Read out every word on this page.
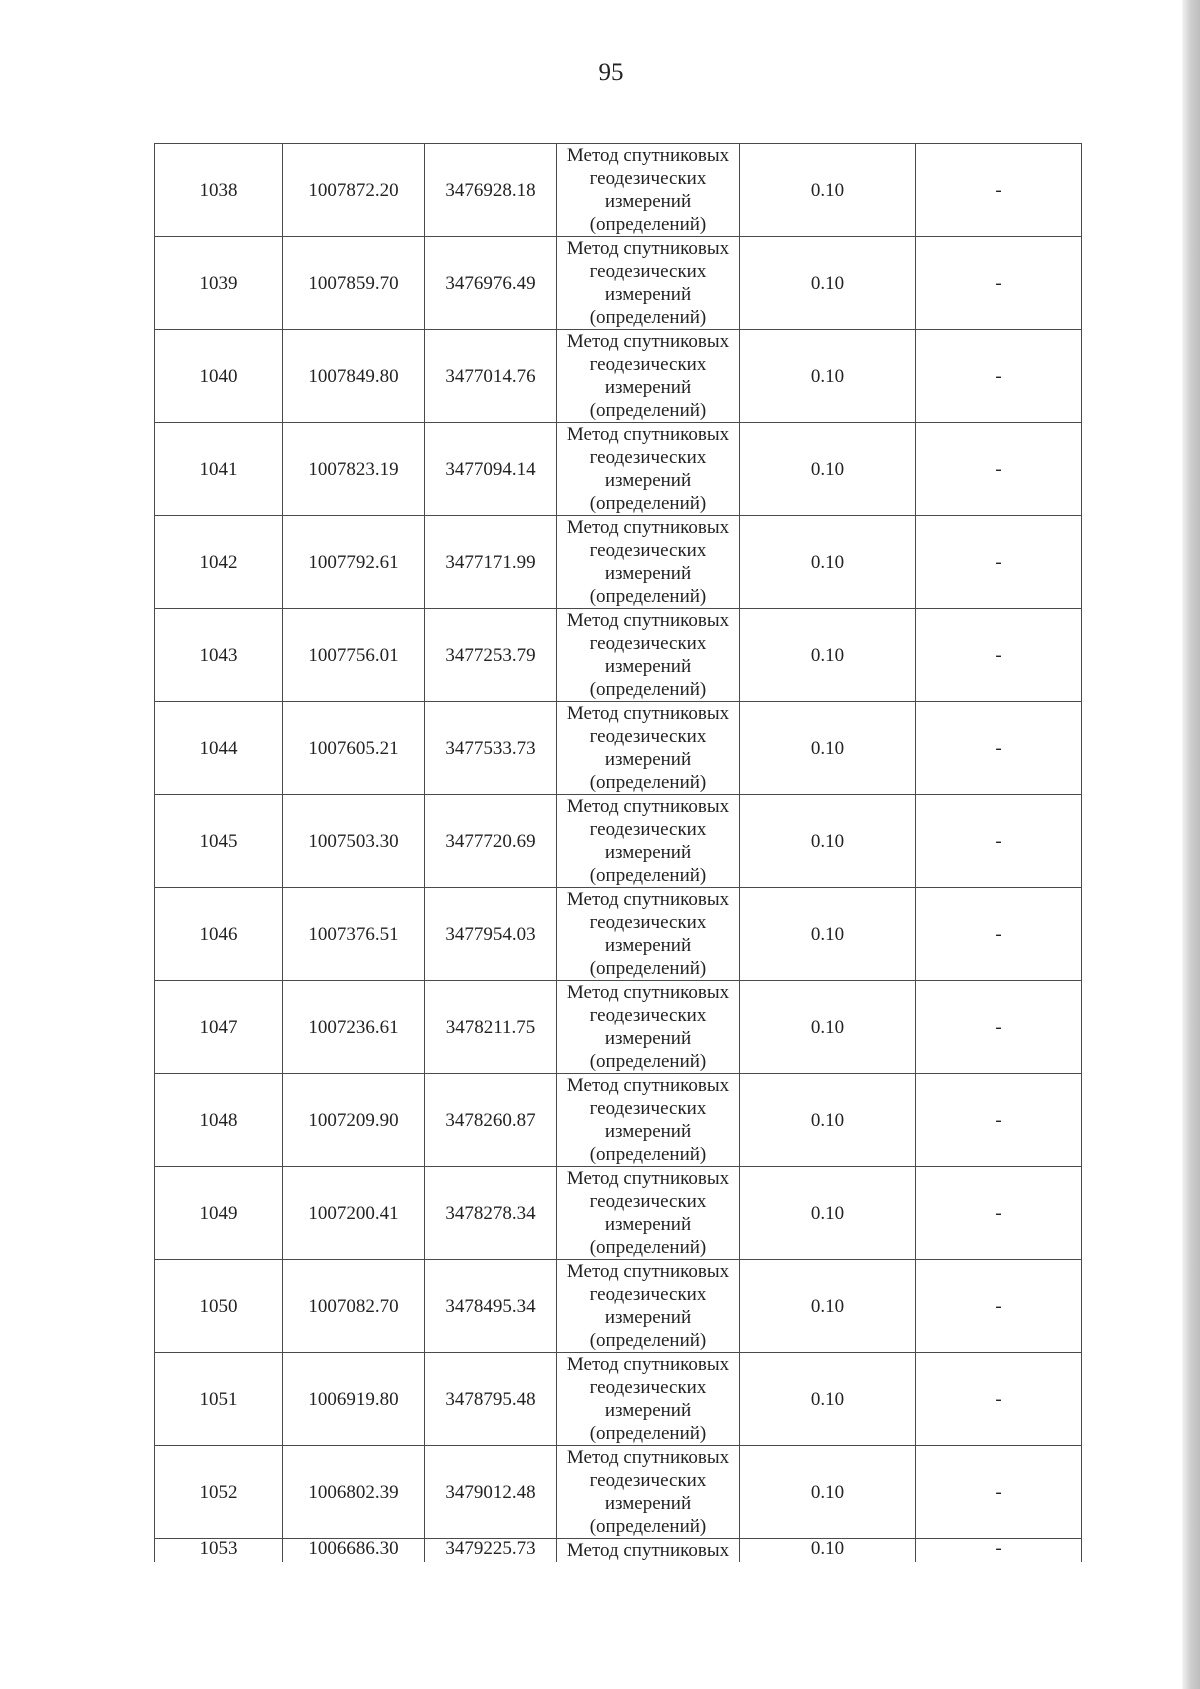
95
1038	1007872.20	3476928.18	Метод спутниковых
геодезических
измерений
(определений)	0.10	-
1039	1007859.70	3476976.49	Метод спутниковых
геодезических
измерений
(определений)	0.10	-
1040	1007849.80	3477014.76	Метод спутниковых
геодезических
измерений
(определений)	0.10	-
1041	1007823.19	3477094.14	Метод спутниковых
геодезических
измерений
(определений)	0.10	-
1042	1007792.61	3477171.99	Метод спутниковых
геодезических
измерений
(определений)	0.10	-
1043	1007756.01	3477253.79	Метод спутниковых
геодезических
измерений
(определений)	0.10	-
1044	1007605.21	3477533.73	Метод спутниковых
геодезических
измерений
(определений)	0.10	-
1045	1007503.30	3477720.69	Метод спутниковых
геодезических
измерений
(определений)	0.10	-
1046	1007376.51	3477954.03	Метод спутниковых
геодезических
измерений
(определений)	0.10	-
1047	1007236.61	3478211.75	Метод спутниковых
геодезических
измерений
(определений)	0.10	-
1048	1007209.90	3478260.87	Метод спутниковых
геодезических
измерений
(определений)	0.10	-
1049	1007200.41	3478278.34	Метод спутниковых
геодезических
измерений
(определений)	0.10	-
1050	1007082.70	3478495.34	Метод спутниковых
геодезических
измерений
(определений)	0.10	-
1051	1006919.80	3478795.48	Метод спутниковых
геодезических
измерений
(определений)	0.10	-
1052	1006802.39	3479012.48	Метод спутниковых
геодезических
измерений
(определений)	0.10	-
1053	1006686.30	3479225.73	Метод спутниковых	0.10	-
